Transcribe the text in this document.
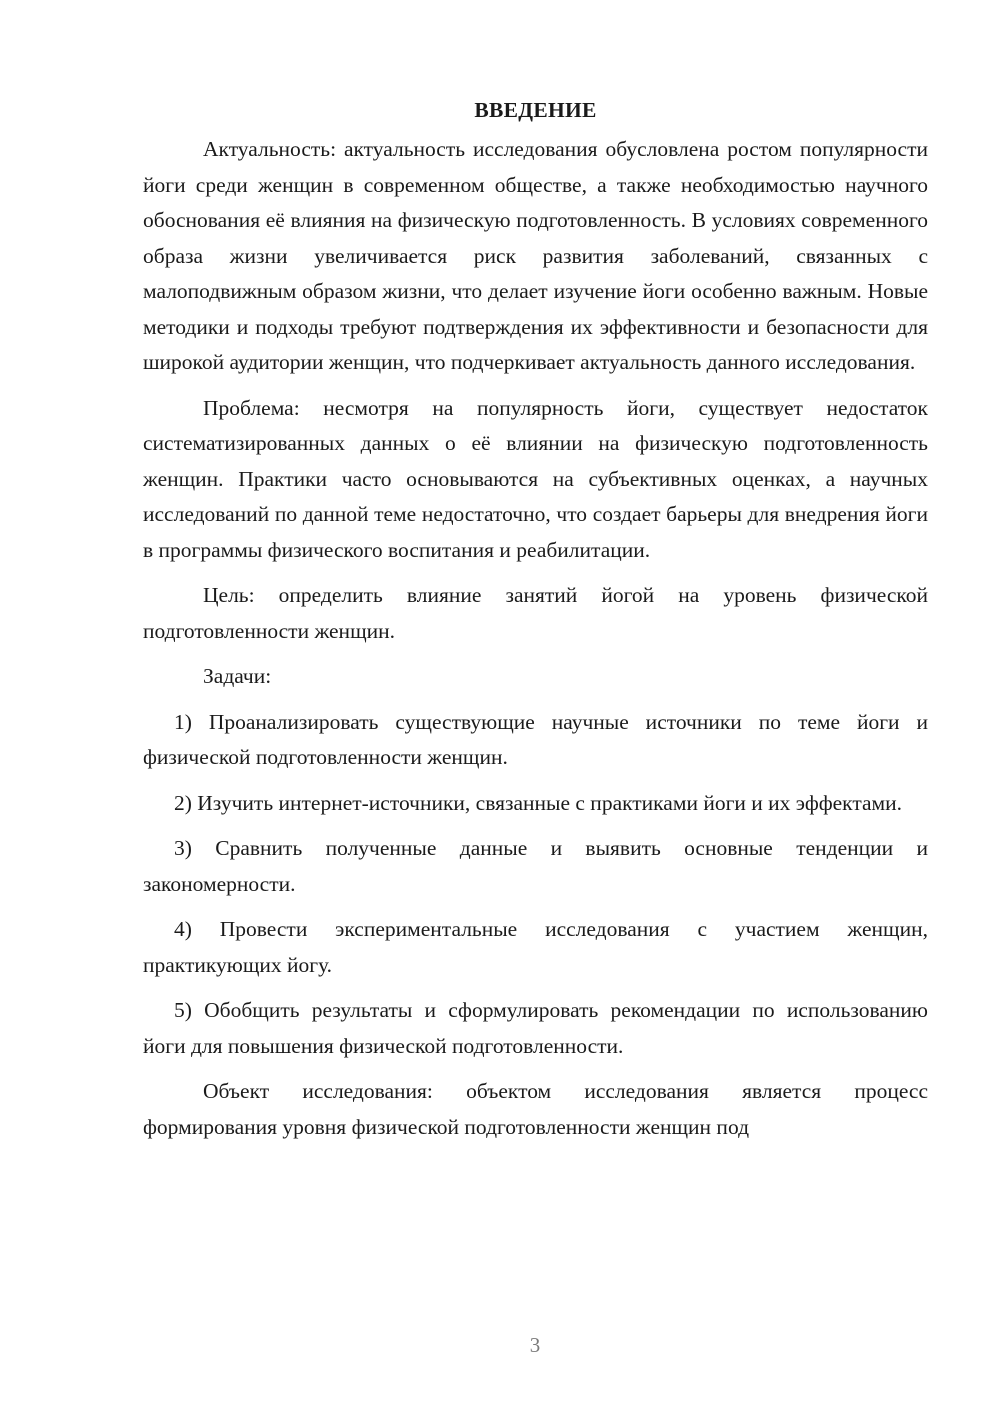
ВВЕДЕНИЕ

Актуальность: актуальность исследования обусловлена ростом популярности йоги среди женщин в современном обществе, а также необходимостью научного обоснования её влияния на физическую подготовленность. В условиях современного образа жизни увеличивается риск развития заболеваний, связанных с малоподвижным образом жизни, что делает изучение йоги особенно важным. Новые методики и подходы требуют подтверждения их эффективности и безопасности для широкой аудитории женщин, что подчеркивает актуальность данного исследования.

Проблема: несмотря на популярность йоги, существует недостаток систематизированных данных о её влиянии на физическую подготовленность женщин. Практики часто основываются на субъективных оценках, а научных исследований по данной теме недостаточно, что создает барьеры для внедрения йоги в программы физического воспитания и реабилитации.

Цель: определить влияние занятий йогой на уровень физической подготовленности женщин.

Задачи:

1) Проанализировать существующие научные источники по теме йоги и физической подготовленности женщин.

2) Изучить интернет-источники, связанные с практиками йоги и их эффектами.

3) Сравнить полученные данные и выявить основные тенденции и закономерности.

4) Провести экспериментальные исследования с участием женщин, практикующих йогу.

5) Обобщить результаты и сформулировать рекомендации по использованию йоги для повышения физической подготовленности.

Объект исследования: объектом исследования является процесс формирования уровня физической подготовленности женщин под

3
